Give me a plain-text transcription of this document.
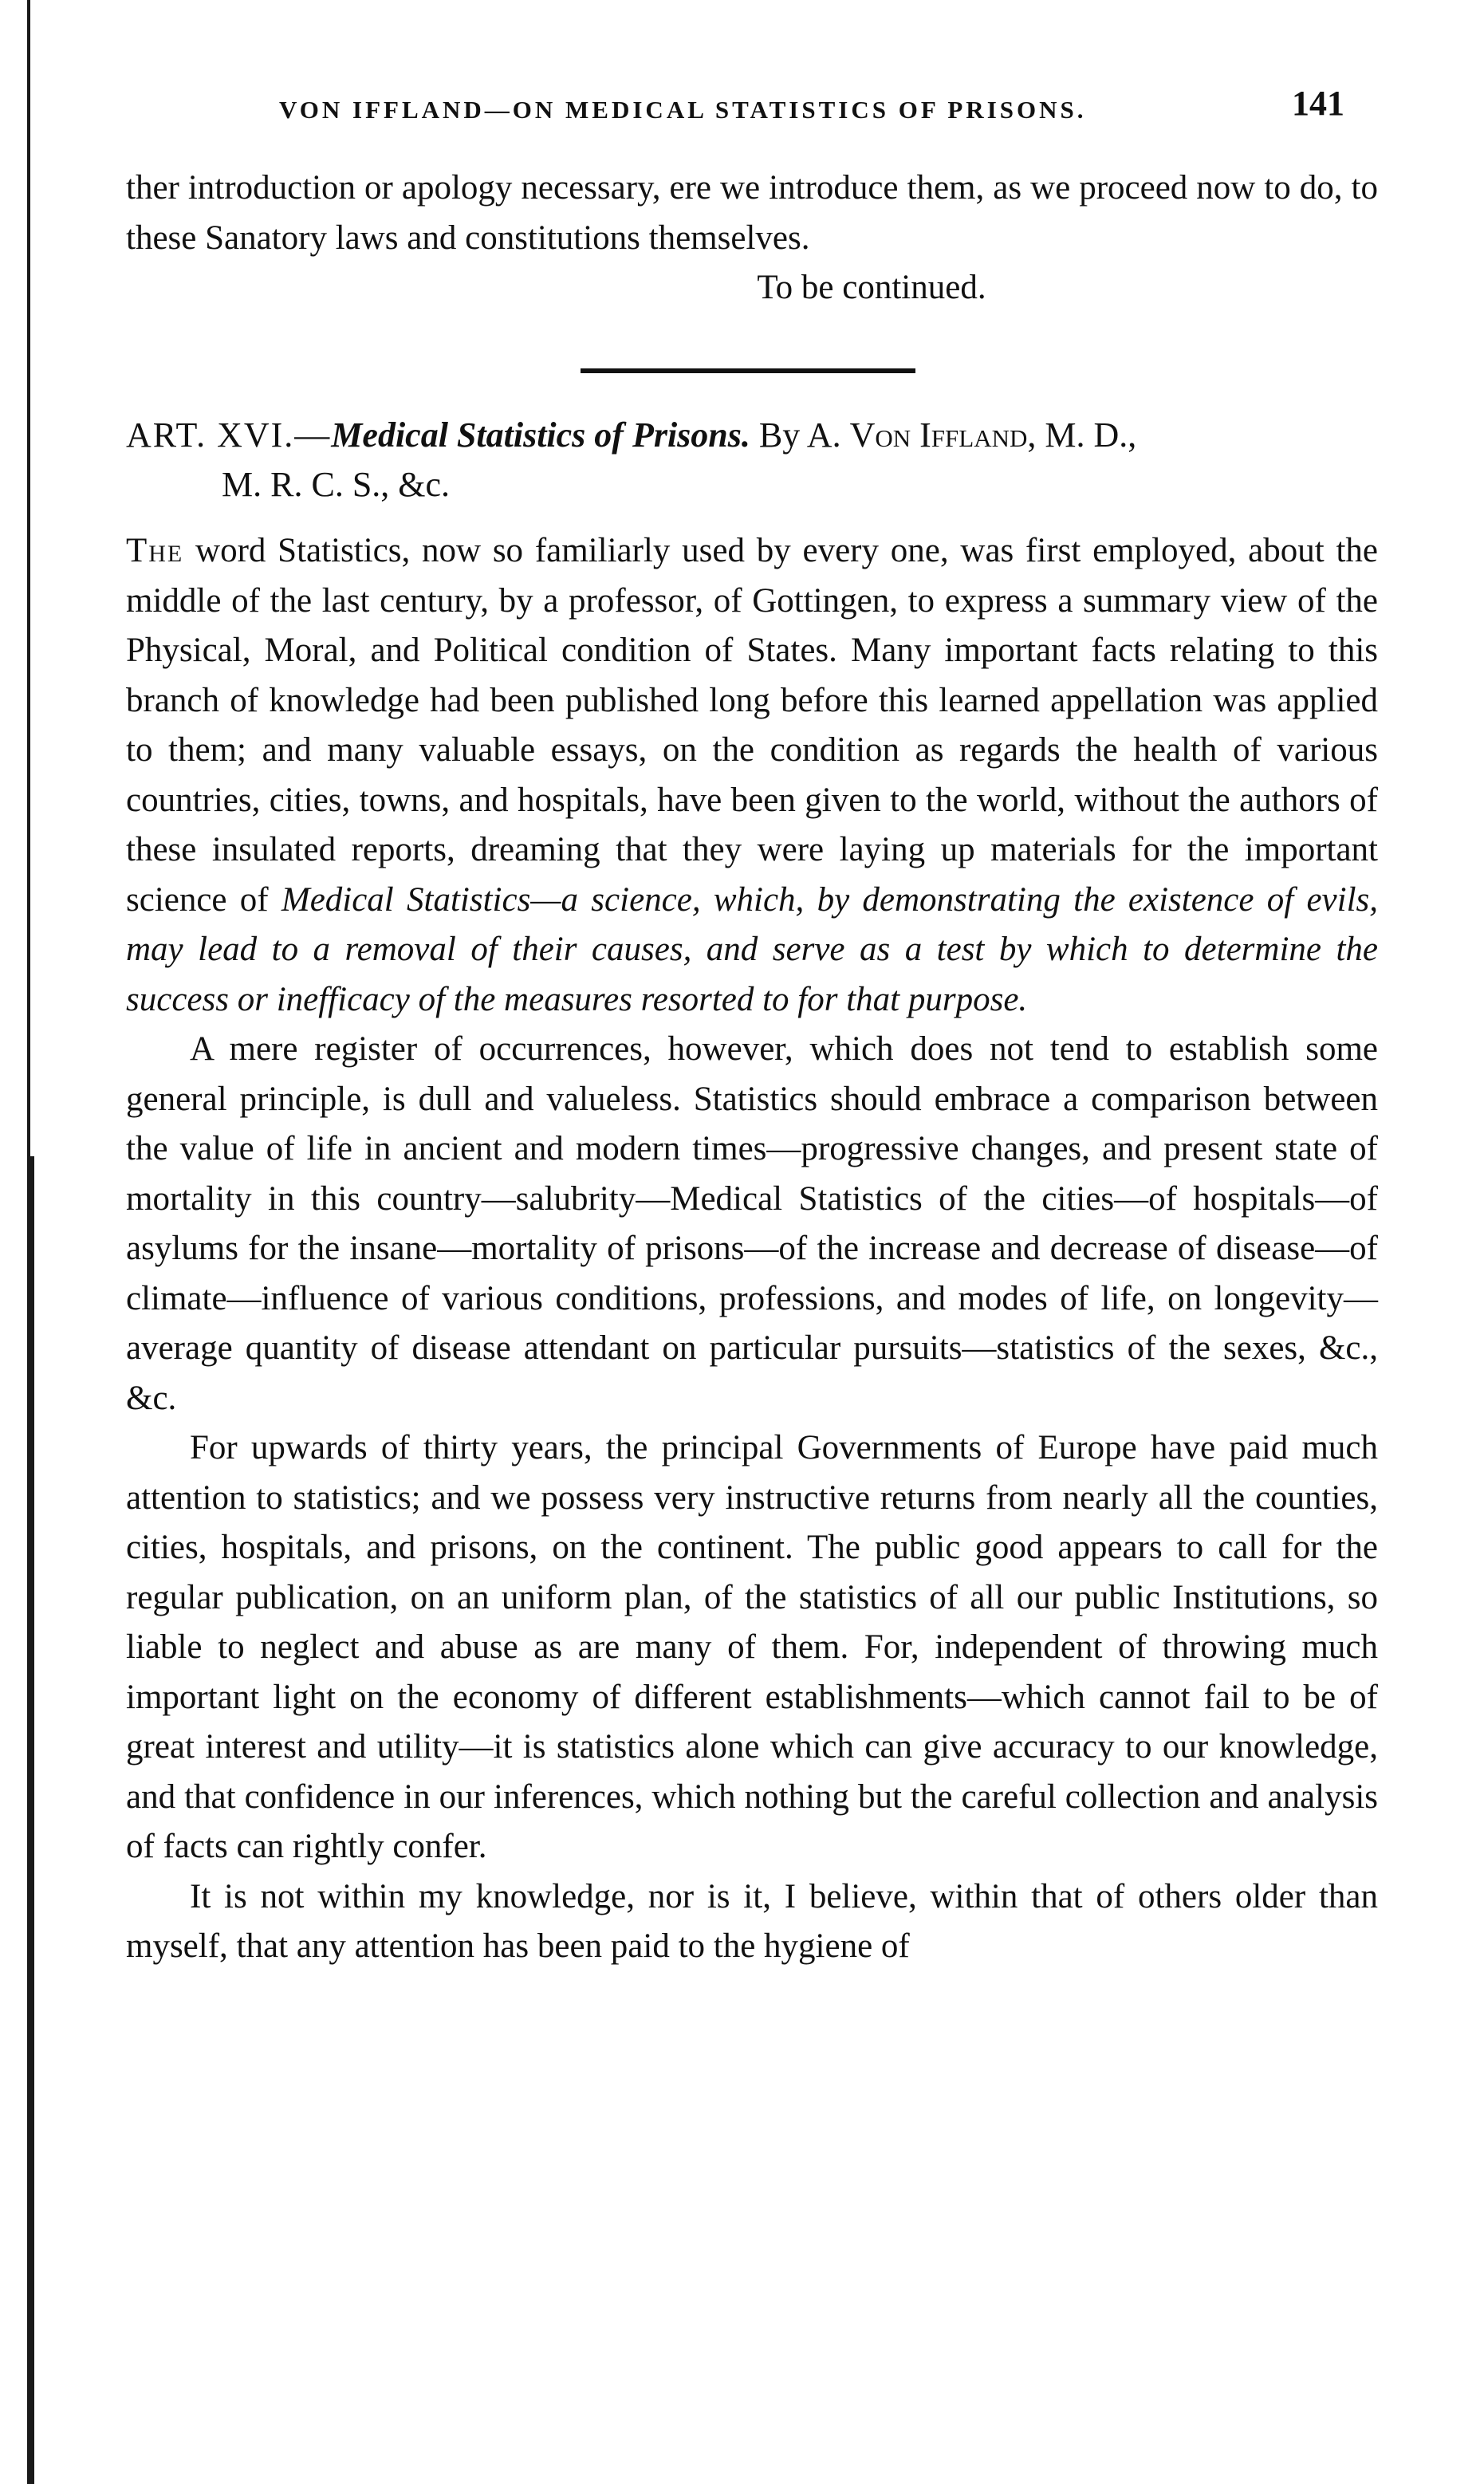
VON IFFLAND—ON MEDICAL STATISTICS OF PRISONS.	141

ther introduction or apology necessary, ere we introduce them, as we proceed now to do, to these Sanatory laws and constitutions themselves.

To be continued.

ART. XVI.—Medical Statistics of Prisons. By A. Von Iffland, M. D.,
M. R. C. S., &c.

The word Statistics, now so familiarly used by every one, was first employed, about the middle of the last century, by a professor, of Gottingen, to express a summary view of the Physical, Moral, and Political condition of States. Many important facts relating to this branch of knowledge had been published long before this learned appellation was applied to them; and many valuable essays, on the condition as regards the health of various countries, cities, towns, and hospitals, have been given to the world, without the authors of these insulated reports, dreaming that they were laying up materials for the important science of Medical Statistics—a science, which, by demonstrating the existence of evils, may lead to a removal of their causes, and serve as a test by which to determine the success or inefficacy of the measures resorted to for that purpose.

A mere register of occurrences, however, which does not tend to establish some general principle, is dull and valueless. Statistics should embrace a comparison between the value of life in ancient and modern times—progressive changes, and present state of mortality in this country—salubrity—Medical Statistics of the cities—of hospitals—of asylums for the insane—mortality of prisons—of the increase and decrease of disease—of climate—influence of various conditions, professions, and modes of life, on longevity—average quantity of disease attendant on particular pursuits—statistics of the sexes, &c., &c.

For upwards of thirty years, the principal Governments of Europe have paid much attention to statistics; and we possess very instructive returns from nearly all the counties, cities, hospitals, and prisons, on the continent. The public good appears to call for the regular publication, on an uniform plan, of the statistics of all our public Institutions, so liable to neglect and abuse as are many of them. For, independent of throwing much important light on the economy of different establishments—which cannot fail to be of great interest and utility—it is statistics alone which can give accuracy to our knowledge, and that confidence in our inferences, which nothing but the careful collection and analysis of facts can rightly confer.

It is not within my knowledge, nor is it, I believe, within that of others older than myself, that any attention has been paid to the hygiene of
